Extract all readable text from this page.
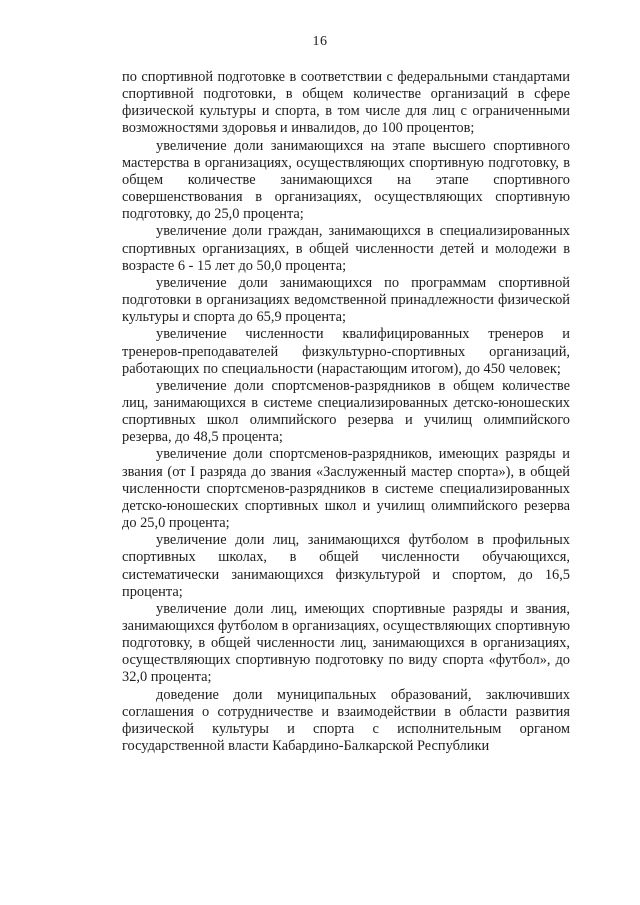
16

по спортивной подготовке в соответствии с федеральными стандартами спортивной подготовки, в общем количестве организаций в сфере физической культуры и спорта, в том числе для лиц с ограниченными возможностями здоровья и инвалидов, до 100 процентов;

увеличение доли занимающихся на этапе высшего спортивного мастерства в организациях, осуществляющих спортивную подготовку, в общем количестве занимающихся на этапе спортивного совершенствования в организациях, осуществляющих спортивную подготовку, до 25,0 процента;

увеличение доли граждан, занимающихся в специализированных спортивных организациях, в общей численности детей и молодежи в возрасте 6 - 15 лет до 50,0 процента;

увеличение доли занимающихся по программам спортивной подготовки в организациях ведомственной принадлежности физической культуры и спорта до 65,9 процента;

увеличение численности квалифицированных тренеров и тренеров-преподавателей физкультурно-спортивных организаций, работающих по специальности (нарастающим итогом), до 450 человек;

увеличение доли спортсменов-разрядников в общем количестве лиц, занимающихся в системе специализированных детско-юношеских спортивных школ олимпийского резерва и училищ олимпийского резерва, до 48,5 процента;

увеличение доли спортсменов-разрядников, имеющих разряды и звания (от I разряда до звания «Заслуженный мастер спорта»), в общей численности спортсменов-разрядников в системе специализированных детско-юношеских спортивных школ и училищ олимпийского резерва до 25,0 процента;

увеличение доли лиц, занимающихся футболом в профильных спортивных школах, в общей численности обучающихся, систематически занимающихся физкультурой и спортом, до 16,5 процента;

увеличение доли лиц, имеющих спортивные разряды и звания, занимающихся футболом в организациях, осуществляющих спортивную подготовку, в общей численности лиц, занимающихся в организациях, осуществляющих спортивную подготовку по виду спорта «футбол», до 32,0 процента;

доведение доли муниципальных образований, заключивших соглашения о сотрудничестве и взаимодействии в области развития физической культуры и спорта с исполнительным органом государственной власти Кабардино-Балкарской Республики
